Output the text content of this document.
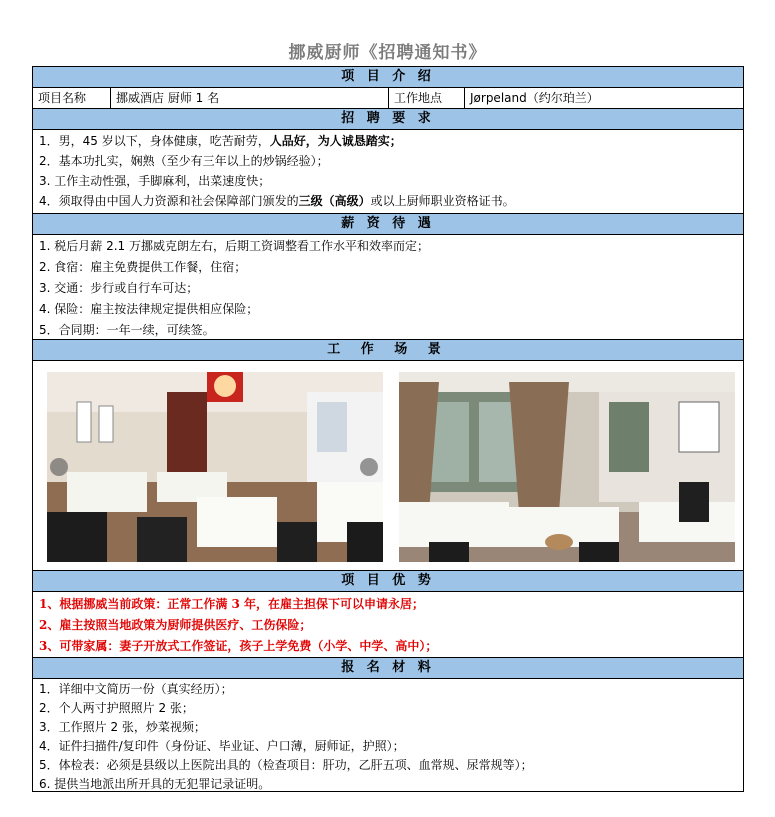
挪威厨师《招聘通知书》
项 目 介 绍
项目名称	挪威酒店 厨师 1 名	工作地点	Jørpeland（约尔珀兰）
招 聘 要 求
1．男，45 岁以下，身体健康，吃苦耐劳，人品好，为人诚恳踏实；
2．基本功扎实，娴熟（至少有三年以上的炒锅经验）；
3. 工作主动性强，手脚麻利，出菜速度快；
4．须取得由中国人力资源和社会保障部门颁发的三级（高级）或以上厨师职业资格证书。
薪 资 待 遇
1. 税后月薪 2.1 万挪威克朗左右，后期工资调整看工作水平和效率而定；
2. 食宿：雇主免费提供工作餐，住宿；
3. 交通：步行或自行车可达；
4. 保险：雇主按法律规定提供相应保险；
5．合同期：一年一续，可续签。
工 作 场 景
项 目 优 势
1、根据挪威当前政策：正常工作满 3 年，在雇主担保下可以申请永居；
2、雇主按照当地政策为厨师提供医疗、工伤保险；
3、可带家属：妻子开放式工作签证，孩子上学免费（小学、中学、高中）；
报 名 材 料
1．详细中文简历一份（真实经历）；
2．个人两寸护照照片 2 张；
3．工作照片 2 张，炒菜视频；
4．证件扫描件/复印件（身份证、毕业证、户口薄，厨师证，护照）；
5．体检表：必须是县级以上医院出具的（检查项目：肝功，乙肝五项、血常规、尿常规等）；
6. 提供当地派出所开具的无犯罪记录证明。
